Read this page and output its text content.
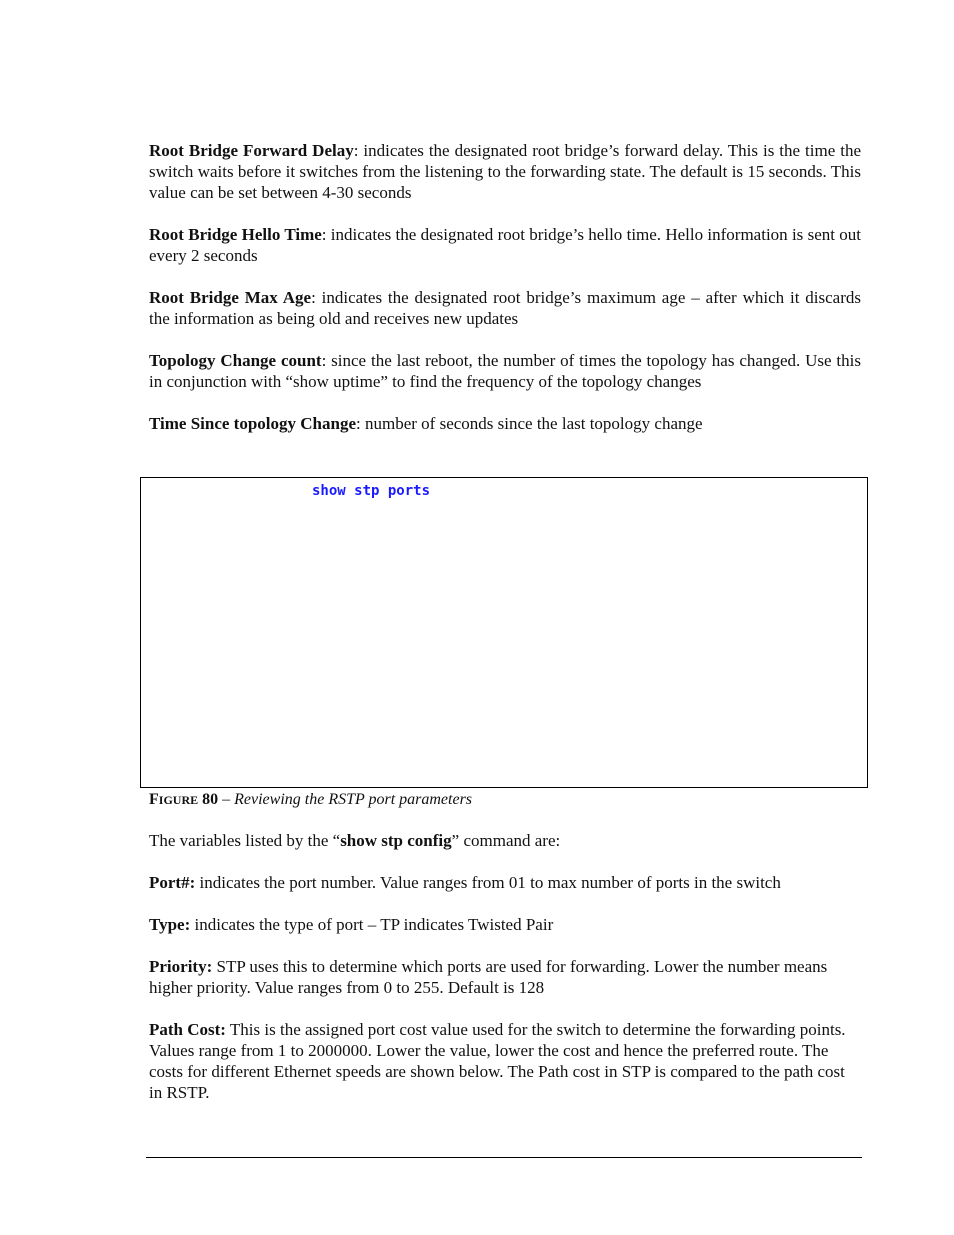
Root Bridge Forward Delay: indicates the designated root bridge’s forward delay. This is the time the switch waits before it switches from the listening to the forwarding state. The default is 15 seconds. This value can be set between 4-30 seconds
Root Bridge Hello Time: indicates the designated root bridge’s hello time. Hello information is sent out every 2 seconds
Root Bridge Max Age: indicates the designated root bridge’s maximum age – after which it discards the information as being old and receives new updates
Topology Change count: since the last reboot, the number of times the topology has changed. Use this in conjunction with “show uptime” to find the frequency of the topology changes
Time Since topology Change: number of seconds since the last topology change
show stp ports
FIGURE 80 – Reviewing the RSTP port parameters
The variables listed by the “show stp config” command are:
Port#: indicates the port number. Value ranges from 01 to max number of ports in the switch
Type: indicates the type of port – TP indicates Twisted Pair
Priority: STP uses this to determine which ports are used for forwarding. Lower the number means higher priority. Value ranges from 0 to 255. Default is 128
Path Cost: This is the assigned port cost value used for the switch to determine the forwarding points. Values range from 1 to 2000000. Lower the value, lower the cost and hence the preferred route. The costs for different Ethernet speeds are shown below. The Path cost in STP is compared to the path cost in RSTP.
